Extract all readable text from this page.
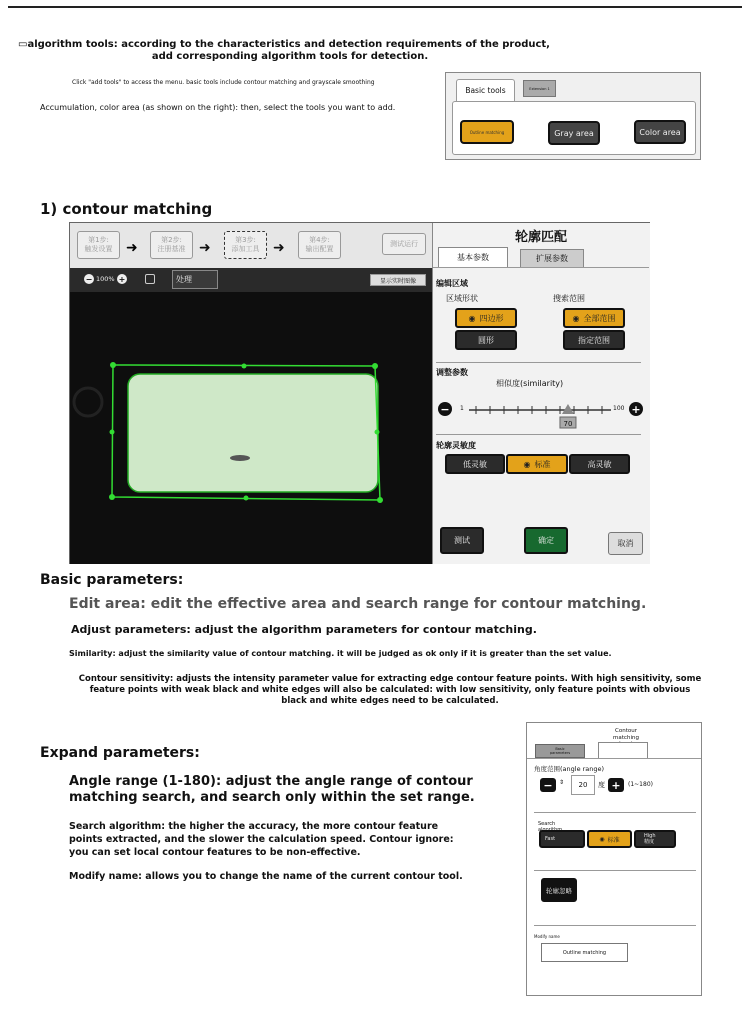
▭algorithm tools: according to the characteristics and detection requirements of the product,
add corresponding algorithm tools for detection.
Click "add tools" to access the menu. basic tools include contour matching and grayscale smoothing
Accumulation, color area (as shown on the right): then, select the tools you want to add.
Basic tools	Extension 1
Outline matching	Gray area	Color area
1) contour matching
第1步:
触发设置 ➜	第2步:
注册基准 ➜	第3步:
添加工具 ➜	第4步:
输出配置
测试运行
− 100% +	处理	显示实时图像
轮廓匹配
基本参数	扩展参数
编辑区域
区域形状	搜索范围
◉ 四边形	◉ 全部范围
圆形	指定范围
调整参数
相似度(similarity)
−	1
70
100 +
轮廓灵敏度
低灵敏	◉ 标准	高灵敏
测试	确定	取消
Basic parameters:
Edit area: edit the effective area and search range for contour matching.
Adjust parameters: adjust the algorithm parameters for contour matching.
Similarity: adjust the similarity value of contour matching. it will be judged as ok only if it is greater than the set value.
Contour sensitivity: adjusts the intensity parameter value for extracting edge contour feature points. With high sensitivity, some
feature points with weak black and white edges will also be calculated: with low sensitivity, only feature points with obvious
black and white edges need to be calculated.
Expand parameters:
Angle range (1-180): adjust the angle range of contour
matching search, and search only within the set range.
Search algorithm: the higher the accuracy, the more contour feature
points extracted, and the slower the calculation speed. Contour ignore:
you can set local contour features to be non-effective.
Modify name: allows you to change the name of the current contour tool.
Contour
matching
Basic
parameters
角度范围(angle range)
−	⇕	20	度 +	(1~180)
Search
Fast	◉ 标准
High
精度
轮廓忽略
Modify name
Outline matching
